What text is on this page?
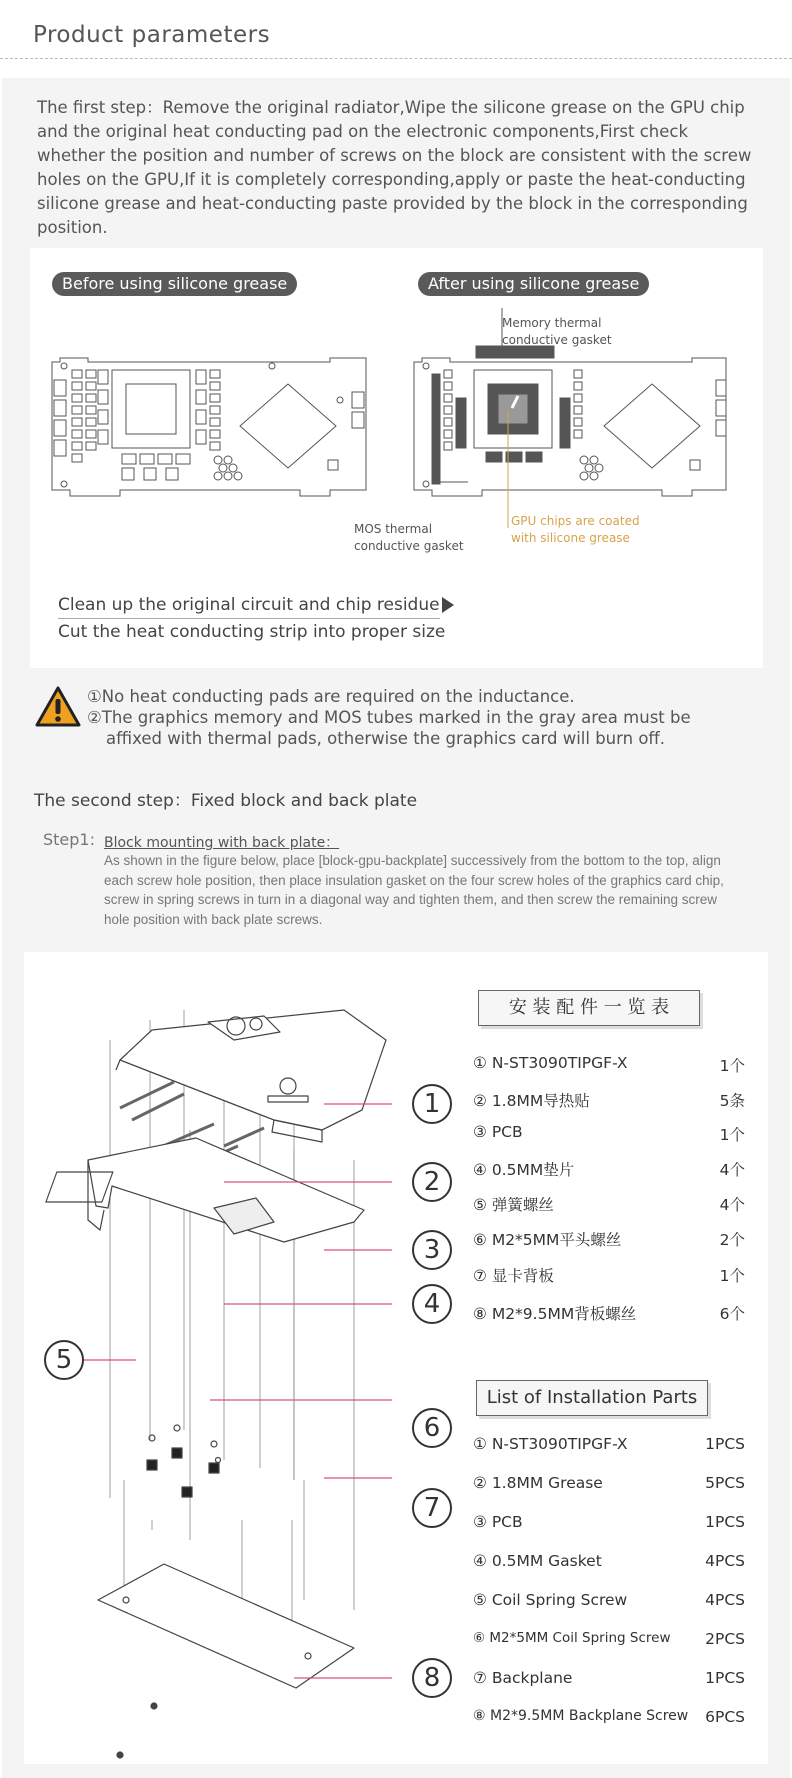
Product parameters

The first step：Remove the original radiator,Wipe the silicone grease on the GPU chip and the original heat conducting pad on the electronic components,First check whether the position and number of screws on the block are consistent with the screw holes on the GPU,If it is completely corresponding,apply or paste the heat-conducting silicone grease and heat-conducting paste provided by the block in the corresponding position.

Before using silicone grease	After using silicone grease
Memory thermal
conductive gasket
MOS thermal
conductive gasket
GPU chips are coated
with silicone grease
Clean up the original circuit and chip residue
Cut the heat conducting strip into proper size
①No heat conducting pads are required on the inductance.
②The graphics memory and MOS tubes marked in the gray area must be
affixed with thermal pads, otherwise the graphics card will burn off.
The second step：Fixed block and back plate
Step1: Block mounting with back plate：
As shown in the figure below, place [block-gpu-backplate] successively from the bottom to the top, align each screw hole position, then place insulation gasket on the four screw holes of the graphics card chip, screw in spring screws in turn in a diagonal way and tighten them, and then screw the remaining screw hole position with back plate screws.
1
2
3
4
5
6
7
8
安 装 配 件 一 览 表
① N-ST3090TIPGF-X	1个
② 1.8MM导热贴	5条
③ PCB	1个
④ 0.5MM垫片	4个
⑤ 弹簧螺丝	4个
⑥ M2*5MM平头螺丝	2个
⑦ 显卡背板	1个
⑧ M2*9.5MM背板螺丝	6个
List of Installation Parts
① N-ST3090TIPGF-X	1PCS
② 1.8MM Grease	5PCS
③ PCB	1PCS
④ 0.5MM Gasket	4PCS
⑤ Coil Spring Screw	4PCS
⑥ M2*5MM Coil Spring Screw 2PCS
⑦ Backplane	1PCS
⑧ M2*9.5MM Backplane Screw 6PCS
